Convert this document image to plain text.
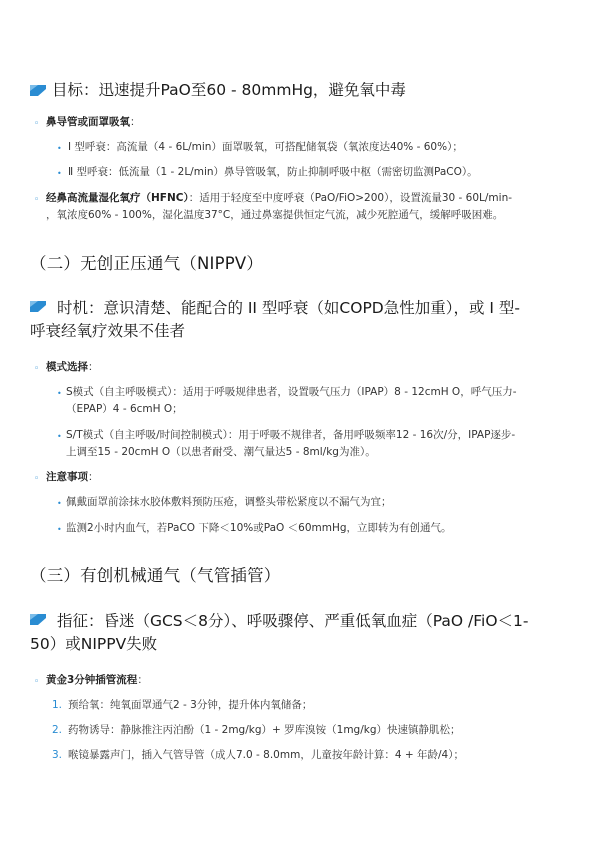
目标：迅速提升PaO至60 - 80mmHg，避免氧中毒
◦ 鼻导管或面罩吸氧：
• Ⅰ 型呼衰：高流量（4 - 6L/min）面罩吸氧，可搭配储氧袋（氧浓度达40% - 60%）；
• Ⅱ 型呼衰：低流量（1 - 2L/min）鼻导管吸氧，防止抑制呼吸中枢（需密切监测PaCO）。
◦ 经鼻高流量湿化氧疗（HFNC）：适用于轻度至中度呼衰（PaO/FiO>200），设置流量30 - 60L/min-
，氧浓度60% - 100%，湿化温度37°C，通过鼻塞提供恒定气流，减少死腔通气，缓解呼吸困难。
（二）无创正压通气（NIPPV）
时机：意识清楚、能配合的 II 型呼衰（如COPD急性加重），或 I 型-
呼衰经氧疗效果不佳者
◦ 模式选择：
• S模式（自主呼吸模式）：适用于呼吸规律患者，设置吸气压力（IPAP）8 - 12cmH O，呼气压力-
（EPAP）4 - 6cmH O；
• S/T模式（自主呼吸/时间控制模式）：用于呼吸不规律者，备用呼吸频率12 - 16次/分，IPAP逐步-
上调至15 - 20cmH O（以患者耐受、潮气量达5 - 8ml/kg为准）。
◦ 注意事项：
• 佩戴面罩前涂抹水胶体敷料预防压疮，调整头带松紧度以不漏气为宜；
• 监测2小时内血气，若PaCO 下降＜10%或PaO ＜60mmHg，立即转为有创通气。
（三）有创机械通气（气管插管）
指征：昏迷（GCS＜8分）、呼吸骤停、严重低氧血症（PaO /FiO＜1-
50）或NIPPV失败
◦ 黄金3分钟插管流程：
1. 预给氧：纯氧面罩通气2 - 3分钟，提升体内氧储备；
2. 药物诱导：静脉推注丙泊酚（1 - 2mg/kg）+ 罗库溴铵（1mg/kg）快速镇静肌松；
3. 喉镜暴露声门，插入气管导管（成人7.0 - 8.0mm，儿童按年龄计算：4 + 年龄/4）；
